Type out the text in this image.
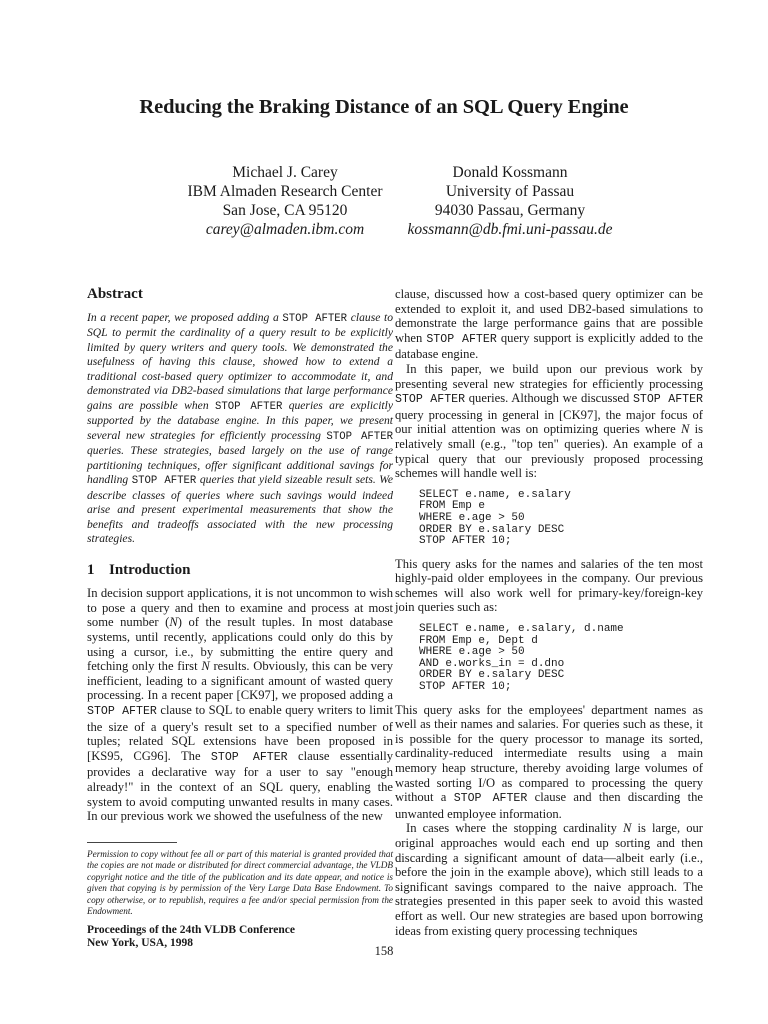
Reducing the Braking Distance of an SQL Query Engine
Michael J. Carey
IBM Almaden Research Center
San Jose, CA 95120
carey@almaden.ibm.com
Donald Kossmann
University of Passau
94030 Passau, Germany
kossmann@db.fmi.uni-passau.de
Abstract

In a recent paper, we proposed adding a STOP AFTER clause to SQL to permit the cardinality of a query result to be explicitly limited by query writers and query tools. We demonstrated the usefulness of having this clause, showed how to extend a traditional cost-based query optimizer to accommodate it, and demonstrated via DB2-based simulations that large performance gains are possible when STOP AFTER queries are explicitly supported by the database engine. In this paper, we present several new strategies for efficiently processing STOP AFTER queries. These strategies, based largely on the use of range partitioning techniques, offer significant additional savings for handling STOP AFTER queries that yield sizeable result sets. We describe classes of queries where such savings would indeed arise and present experimental measurements that show the benefits and tradeoffs associated with the new processing strategies.

1 Introduction

In decision support applications, it is not uncommon to wish to pose a query and then to examine and process at most some number (N) of the result tuples. In most database systems, until recently, applications could only do this by using a cursor, i.e., by submitting the entire query and fetching only the first N results. Obviously, this can be very inefficient, leading to a significant amount of wasted query processing. In a recent paper [CK97], we proposed adding a STOP AFTER clause to SQL to enable query writers to limit the size of a query's result set to a specified number of tuples; related SQL extensions have been proposed in [KS95, CG96]. The STOP AFTER clause essentially provides a declarative way for a user to say "enough already!" in the context of an SQL query, enabling the system to avoid computing unwanted results in many cases. In our previous work we showed the usefulness of the new

Permission to copy without fee all or part of this material is granted provided that the copies are not made or distributed for direct commercial advantage, the VLDB copyright notice and the title of the publication and its date appear, and notice is given that copying is by permission of the Very Large Data Base Endowment. To copy otherwise, or to republish, requires a fee and/or special permission from the Endowment.

Proceedings of the 24th VLDB Conference
New York, USA, 1998

clause, discussed how a cost-based query optimizer can be extended to exploit it, and used DB2-based simulations to demonstrate the large performance gains that are possible when STOP AFTER query support is explicitly added to the database engine.

In this paper, we build upon our previous work by presenting several new strategies for efficiently processing STOP AFTER queries. Although we discussed STOP AFTER query processing in general in [CK97], the major focus of our initial attention was on optimizing queries where N is relatively small (e.g., "top ten" queries). An example of a typical query that our previously proposed processing schemes will handle well is:

SELECT e.name, e.salary
FROM Emp e
WHERE e.age > 50
ORDER BY e.salary DESC
STOP AFTER 10;

This query asks for the names and salaries of the ten most highly-paid older employees in the company. Our previous schemes will also work well for primary-key/foreign-key join queries such as:

SELECT e.name, e.salary, d.name
FROM Emp e, Dept d
WHERE e.age > 50
AND e.works_in = d.dno
ORDER BY e.salary DESC
STOP AFTER 10;

This query asks for the employees' department names as well as their names and salaries. For queries such as these, it is possible for the query processor to manage its sorted, cardinality-reduced intermediate results using a main memory heap structure, thereby avoiding large volumes of wasted sorting I/O as compared to processing the query without a STOP AFTER clause and then discarding the unwanted employee information.

In cases where the stopping cardinality N is large, our original approaches would each end up sorting and then discarding a significant amount of data—albeit early (i.e., before the join in the example above), which still leads to a significant savings compared to the naive approach. The strategies presented in this paper seek to avoid this wasted effort as well. Our new strategies are based upon borrowing ideas from existing query processing techniques

158
